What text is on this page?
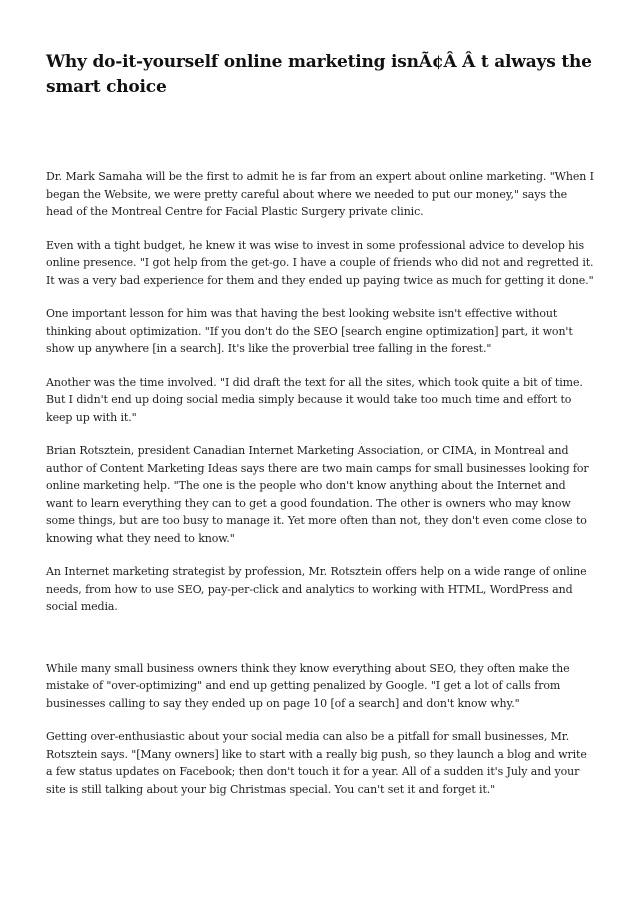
Why do-it-yourself online marketing isnÃ¢Â Â t always the smart choice

Dr. Mark Samaha will be the first to admit he is far from an expert about online marketing. "When I began the Website, we were pretty careful about where we needed to put our money," says the head of the Montreal Centre for Facial Plastic Surgery private clinic.

Even with a tight budget, he knew it was wise to invest in some professional advice to develop his online presence. "I got help from the get-go. I have a couple of friends who did not and regretted it. It was a very bad experience for them and they ended up paying twice as much for getting it done."

One important lesson for him was that having the best looking website isn't effective without thinking about optimization. "If you don't do the SEO [search engine optimization] part, it won't show up anywhere [in a search]. It's like the proverbial tree falling in the forest."

Another was the time involved. "I did draft the text for all the sites, which took quite a bit of time. But I didn't end up doing social media simply because it would take too much time and effort to keep up with it."

Brian Rotsztein, president Canadian Internet Marketing Association, or CIMA, in Montreal and author of Content Marketing Ideas says there are two main camps for small businesses looking for online marketing help. "The one is the people who don't know anything about the Internet and want to learn everything they can to get a good foundation. The other is owners who may know some things, but are too busy to manage it. Yet more often than not, they don't even come close to knowing what they need to know."

An Internet marketing strategist by profession, Mr. Rotsztein offers help on a wide range of online needs, from how to use SEO, pay-per-click and analytics to working with HTML, WordPress and social media.

While many small business owners think they know everything about SEO, they often make the mistake of "over-optimizing" and end up getting penalized by Google. "I get a lot of calls from businesses calling to say they ended up on page 10 [of a search] and don't know why."

Getting over-enthusiastic about your social media can also be a pitfall for small businesses, Mr. Rotsztein says. "[Many owners] like to start with a really big push, so they launch a blog and write a few status updates on Facebook; then don't touch it for a year. All of a sudden it's July and your site is still talking about your big Christmas special. You can't set it and forget it."
